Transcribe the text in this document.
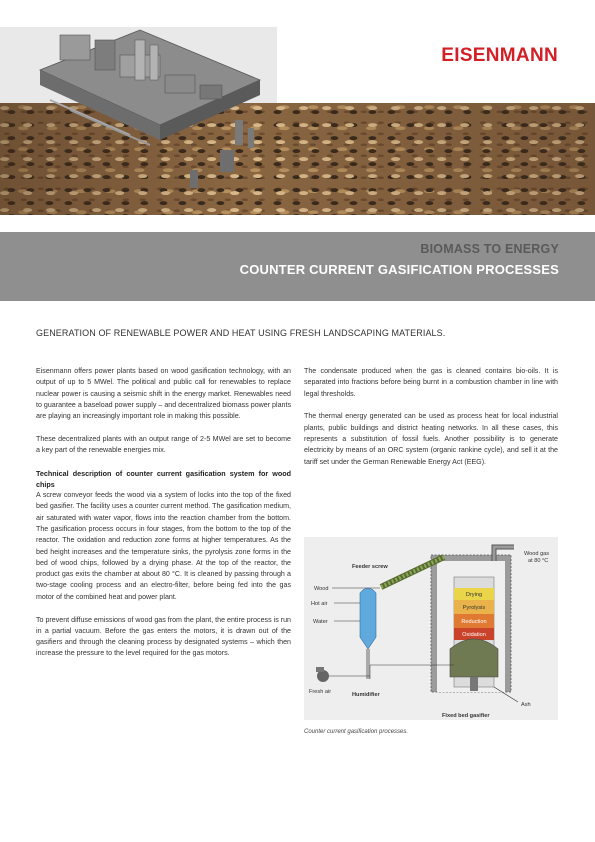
EISENMANN
BIOMASS TO ENERGY
COUNTER CURRENT GASIFICATION PROCESSES
GENERATION OF RENEWABLE POWER AND HEAT USING FRESH LANDSCAPING MATERIALS.

Eisenmann offers power plants based on wood gasification technology, with an output of up to 5 MWel. The political and public call for renewables to replace nuclear power is causing a seismic shift in the energy market. Renewables need to guarantee a baseload power supply – and decentralized biomass power plants are playing an increasingly important role in making this possible.

These decentralized plants with an output range of 2-5 MWel are set to become a key part of the renewable energies mix.

Technical description of counter current gasification system for wood chips

A screw conveyor feeds the wood via a system of locks into the top of the fixed bed gasifier. The facility uses a counter current method. The gasification medium, air saturated with water vapor, flows into the reaction chamber from the bottom. The gasification process occurs in four stages, from the bottom to the top of the reactor. The oxidation and reduction zone forms at higher temperatures. As the bed height increases and the temperature sinks, the pyrolysis zone forms in the bed of wood chips, followed by a drying phase. At the top of the reactor, the product gas exits the chamber at about 80 °C. It is cleaned by passing through a two-stage cooling process and an electro-filter, before being fed into the gas motor of the combined heat and power plant.

To prevent diffuse emissions of wood gas from the plant, the entire process is run in a partial vacuum. Before the gas enters the motors, it is drawn out of the gasifiers and through the cleaning process by designated systems – which then increase the pressure to the level required for the gas motors.

The condensate produced when the gas is cleaned contains bio-oils. It is separated into fractions before being burnt in a combustion chamber in line with legal thresholds.

The thermal energy generated can be used as process heat for local industrial plants, public buildings and district heating networks. In all these cases, this represents a substitution of fossil fuels. Another possibility is to generate electricity by means of an ORC system (organic rankine cycle), and sell it at the tariff set under the German Renewable Energy Act (EEG).

Drying
Pyrolysis
Reduction
Oxidation
Feeder screw
Wood gas
at 80 °C
Humidifier
Wood
Hot air
Water
Fresh air
Ash
Fixed bed gasifier
Counter current gasification processes.
